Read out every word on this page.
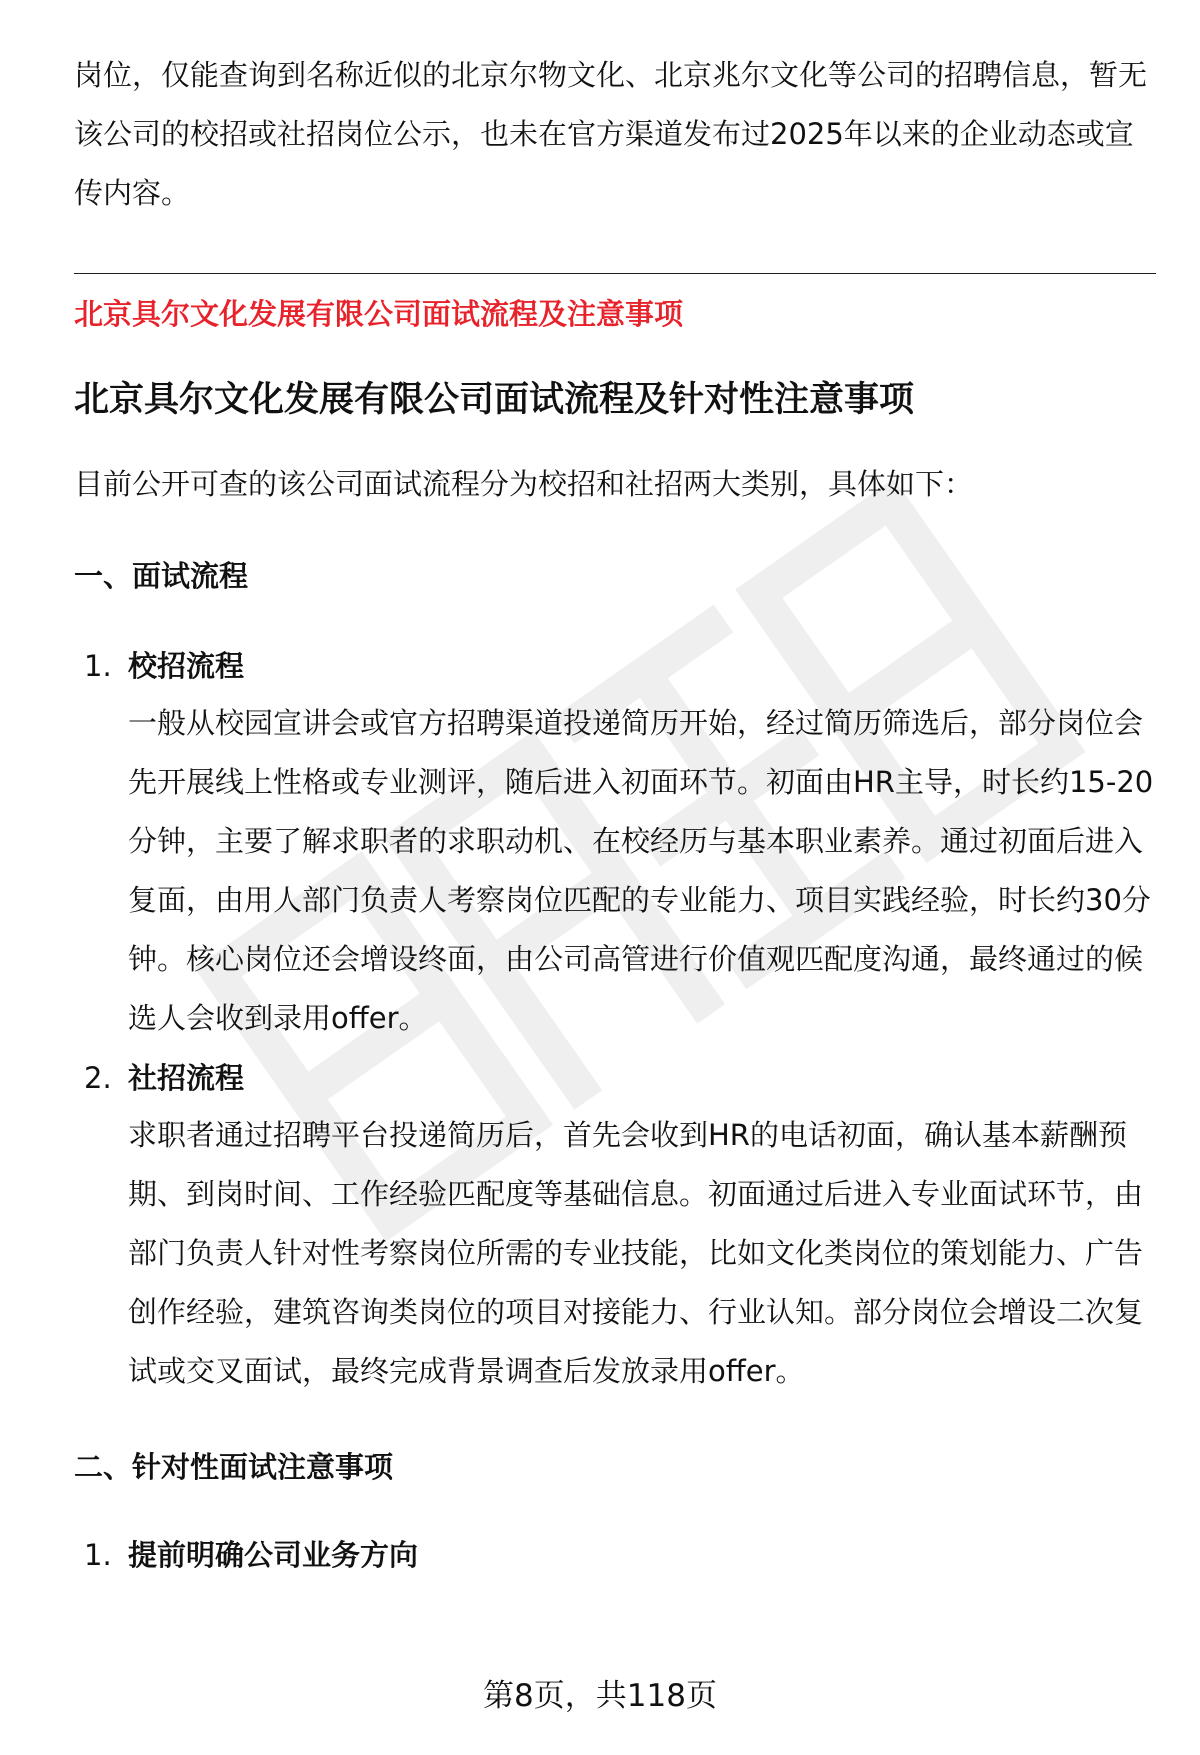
岗位，仅能查询到名称近似的北京尔物文化、北京兆尔文化等公司的招聘信息，暂无该公司的校招或社招岗位公示，也未在官方渠道发布过2025年以来的企业动态或宣传内容。

北京具尔文化发展有限公司面试流程及注意事项
北京具尔文化发展有限公司面试流程及针对性注意事项
目前公开可查的该公司面试流程分为校招和社招两大类别，具体如下：
一、面试流程
1. 校招流程
一般从校园宣讲会或官方招聘渠道投递简历开始，经过简历筛选后，部分岗位会先开展线上性格或专业测评，随后进入初面环节。初面由HR主导，时长约15-20分钟，主要了解求职者的求职动机、在校经历与基本职业素养。通过初面后进入复面，由用人部门负责人考察岗位匹配的专业能力、项目实践经验，时长约30分钟。核心岗位还会增设终面，由公司高管进行价值观匹配度沟通，最终通过的候选人会收到录用offer。
2. 社招流程
求职者通过招聘平台投递简历后，首先会收到HR的电话初面，确认基本薪酬预期、到岗时间、工作经验匹配度等基础信息。初面通过后进入专业面试环节，由部门负责人针对性考察岗位所需的专业技能，比如文化类岗位的策划能力、广告创作经验，建筑咨询类岗位的项目对接能力、行业认知。部分岗位会增设二次复试或交叉面试，最终完成背景调查后发放录用offer。
二、针对性面试注意事项
1. 提前明确公司业务方向
第8页，共118页
